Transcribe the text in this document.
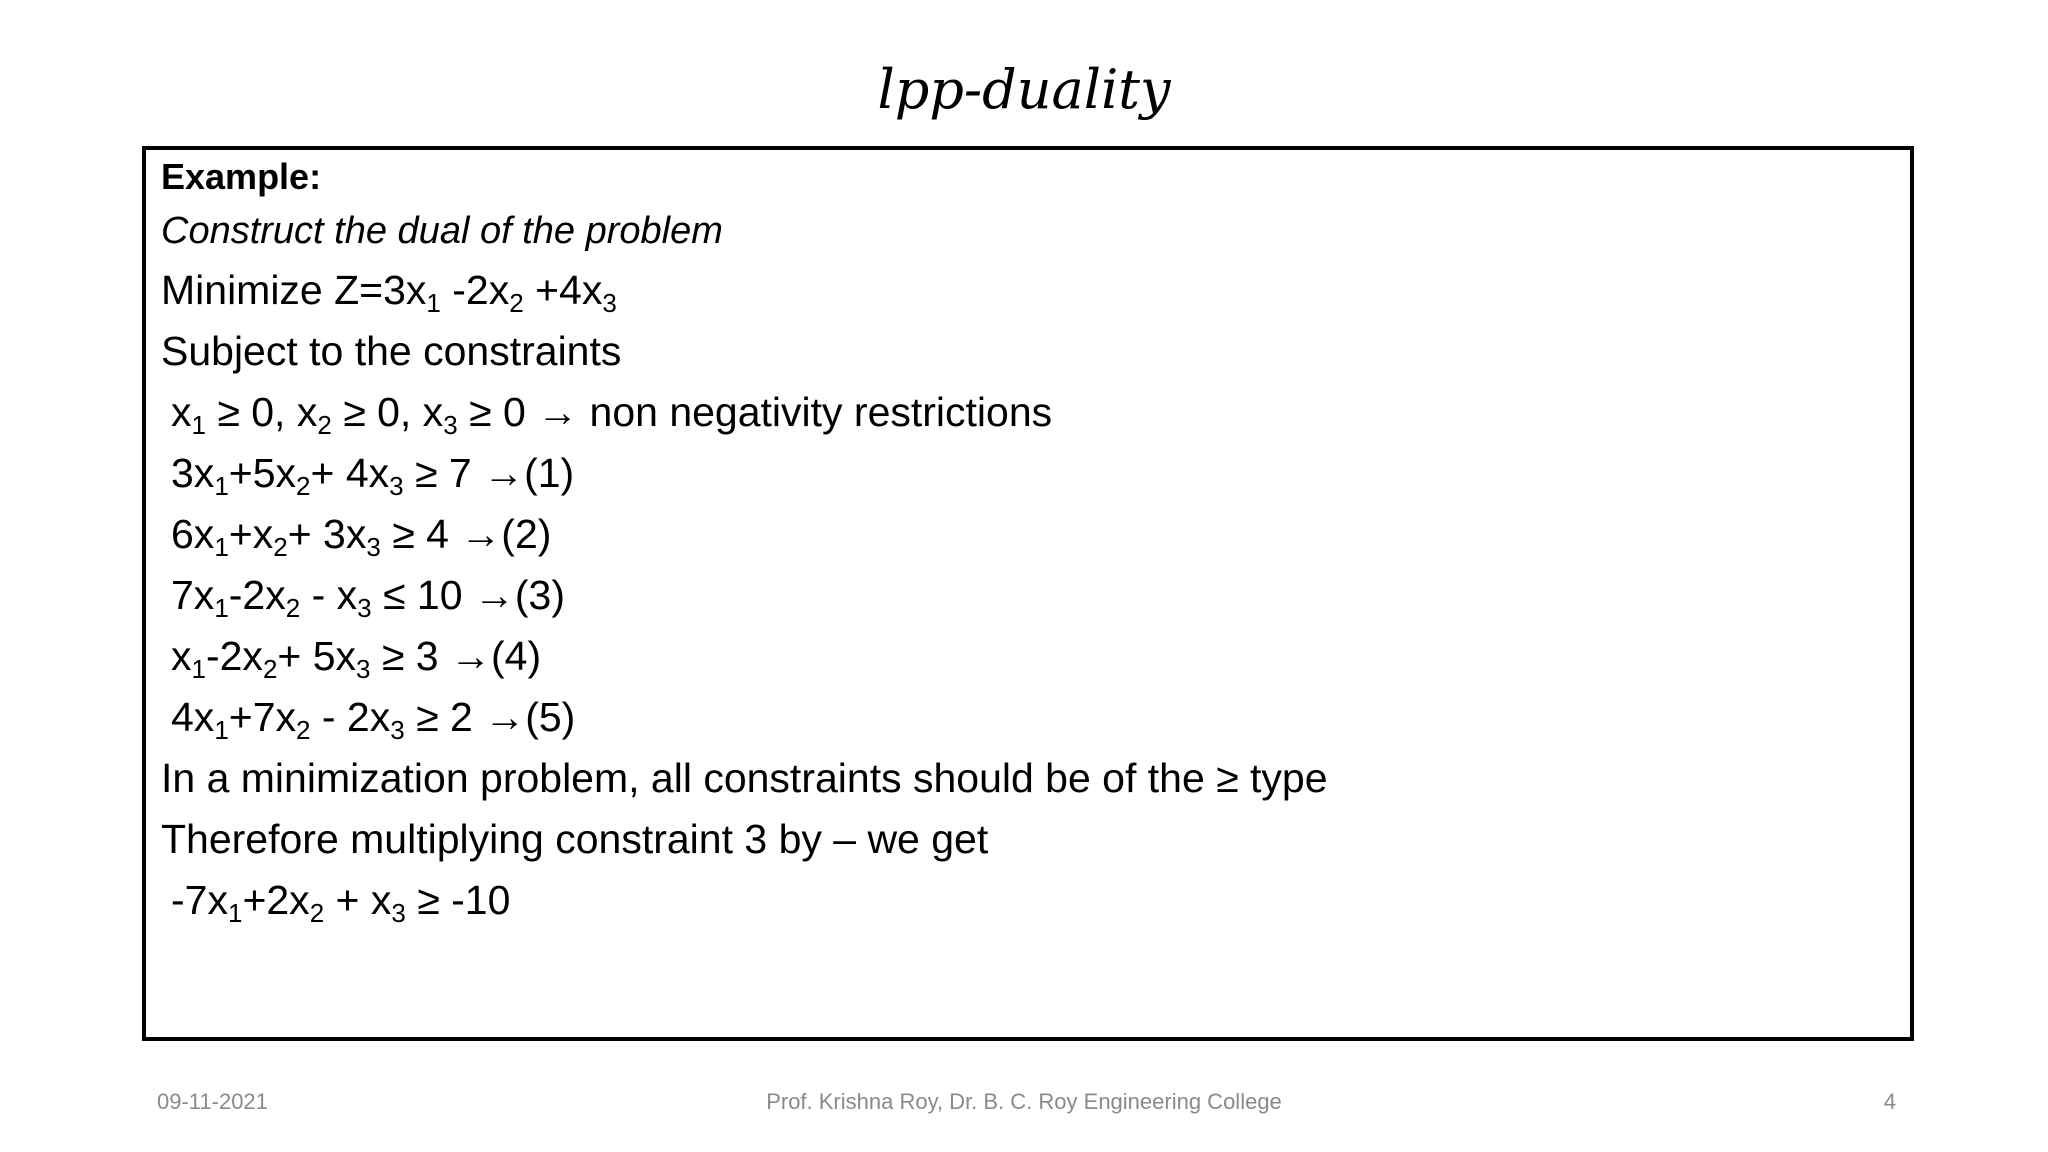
lpp-duality
Example:
Construct the dual of the problem
Minimize $Z=3x_1$ $-2x_2 +4x_3$
Subject to the constraints
$x_1 \ge 0$, $x_2 \ge 0$, $x_3 \ge 0$ → non negativity restrictions
$3x_1+5x_2+ 4x_3 \ge 7 \to(1)$
$6x_1+x_2+ 3x_3 \ge 4 \to(2)$
$7x_1-2x_2 - x_3 \le 10 \to(3)$
$x_1-2x_2+ 5x_3 \ge 3 \to(4)$
$4x_1+7x_2 - 2x_3 \ge 2 \to(5)$
In a minimization problem, all constraints should be of the ≥ type
Therefore multiplying constraint 3 by – we get
$-7x_1+2x_2 + x_3 \ge -10$
09-11-2021	Prof. Krishna Roy, Dr. B. C. Roy Engineering College	4
